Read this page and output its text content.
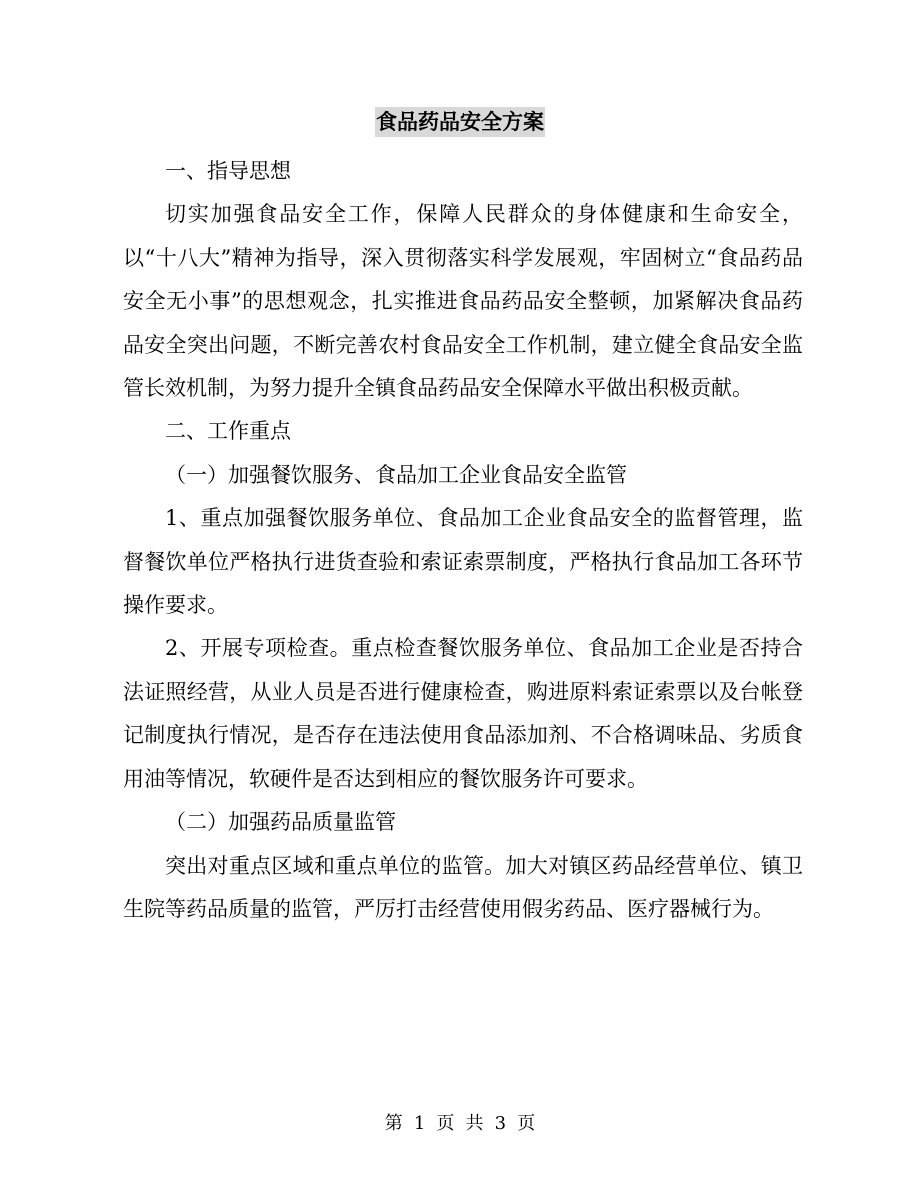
食品药品安全方案

一、指导思想

切实加强食品安全工作，保障人民群众的身体健康和生命安全，以“十八大”精神为指导，深入贯彻落实科学发展观，牢固树立“食品药品安全无小事”的思想观念，扎实推进食品药品安全整顿，加紧解决食品药品安全突出问题，不断完善农村食品安全工作机制，建立健全食品安全监管长效机制，为努力提升全镇食品药品安全保障水平做出积极贡献。

二、工作重点

（一）加强餐饮服务、食品加工企业食品安全监管

1、重点加强餐饮服务单位、食品加工企业食品安全的监督管理，监督餐饮单位严格执行进货查验和索证索票制度，严格执行食品加工各环节操作要求。

2、开展专项检查。重点检查餐饮服务单位、食品加工企业是否持合法证照经营，从业人员是否进行健康检查，购进原料索证索票以及台帐登记制度执行情况，是否存在违法使用食品添加剂、不合格调味品、劣质食用油等情况，软硬件是否达到相应的餐饮服务许可要求。

（二）加强药品质量监管

突出对重点区域和重点单位的监管。加大对镇区药品经营单位、镇卫生院等药品质量的监管，严厉打击经营使用假劣药品、医疗器械行为。

第 1 页 共 3 页
